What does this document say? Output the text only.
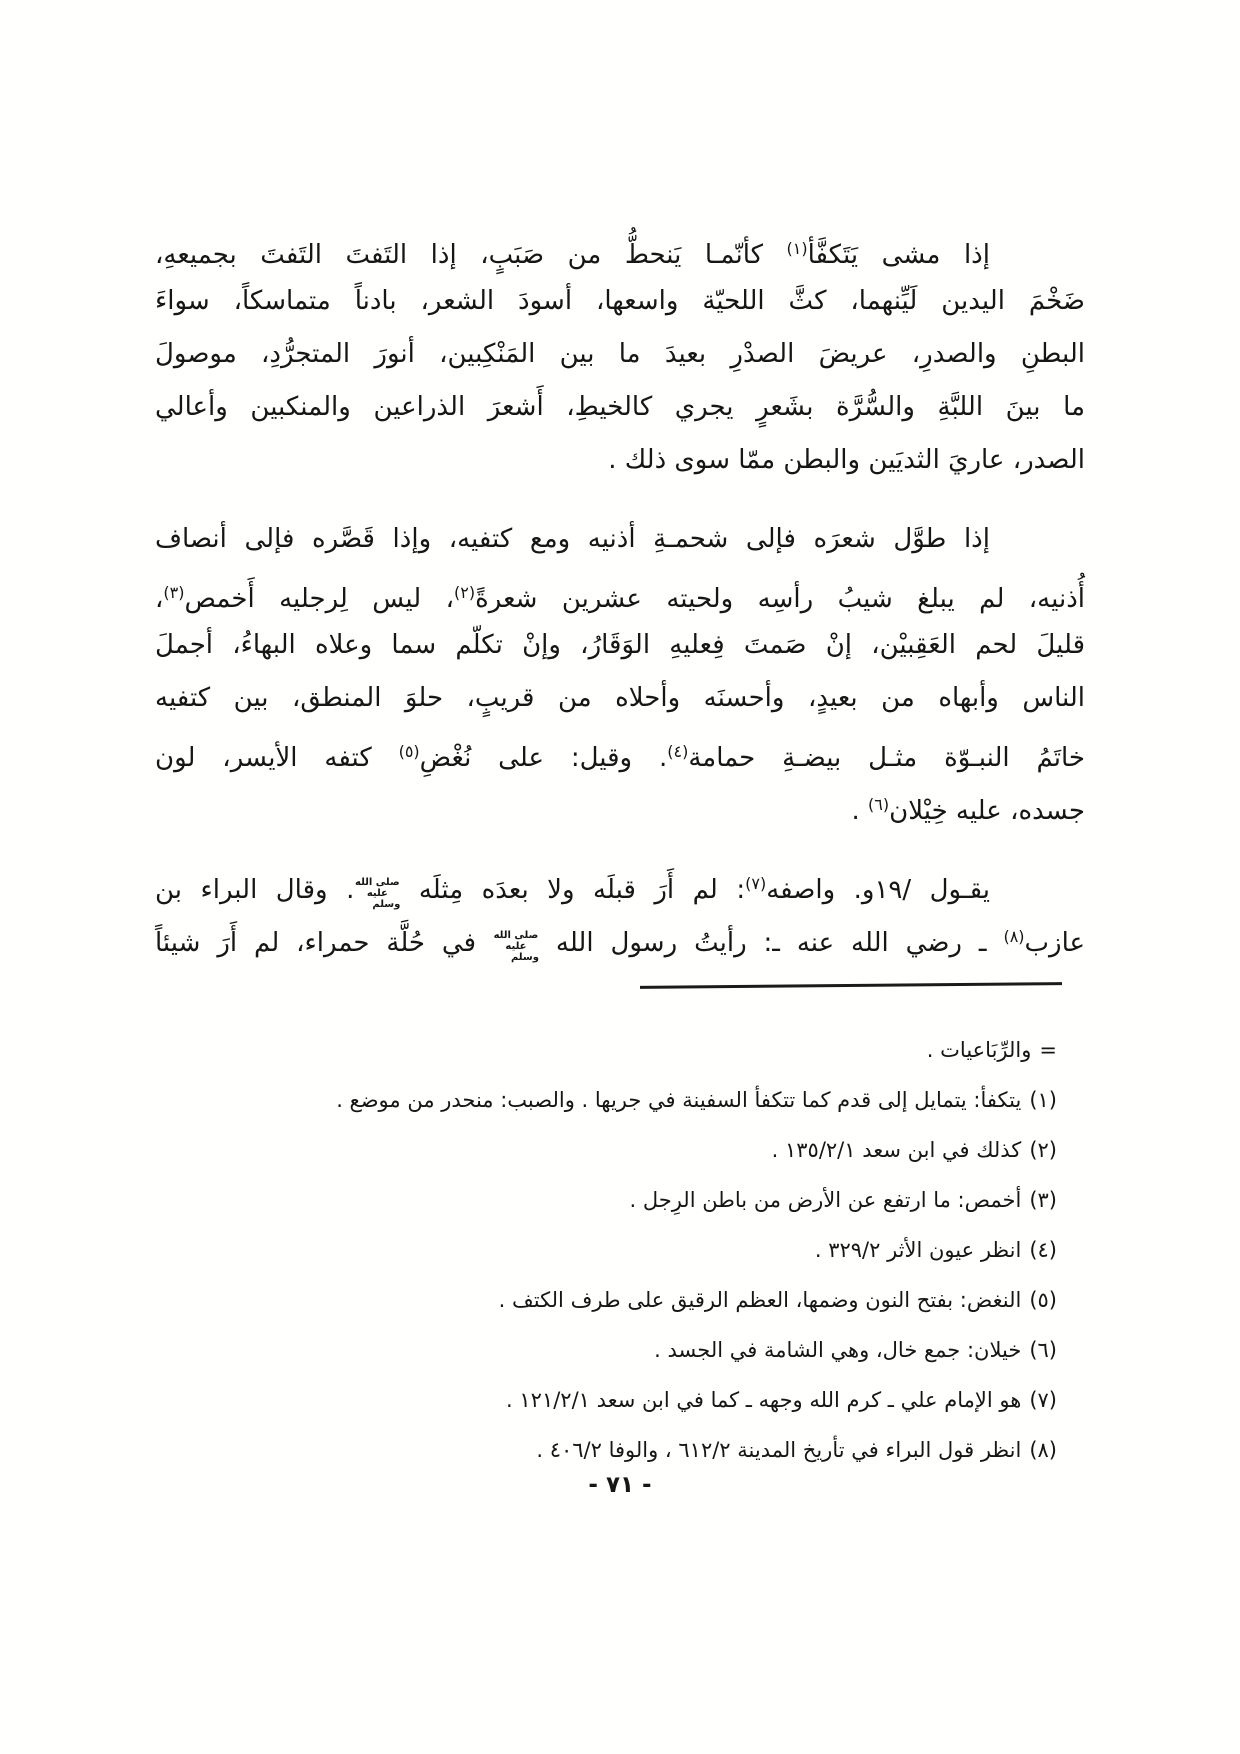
إذا مشى يَتَكفَّأ$^{(١)}$ كأنّمـا يَنحطُّ من صَبَبٍ، إذا التَفتَ التَفتَ بجميعهِ،
ضَخْمَ اليدين لَيِّنهما، كثَّ اللحيّة واسعها، أسودَ الشعر، بادناً متماسكاً، سواءَ
البطنِ والصدرِ، عريضَ الصدْرِ بعيدَ ما بين المَنْكِبين، أنورَ المتجرُّدِ، موصولَ
ما بينَ اللبَّةِ والسُّرَّة بشَعرٍ يجري كالخيطِ، أَشعرَ الذراعين والمنكبين وأعالي
الصدر، عاريَ الثديَين والبطن ممّا سوى ذلك .
إذا طوَّل شعرَه فإلى شحمـةِ أذنيه ومع كتفيه، وإذا قَصَّره فإلى أنصاف
أُذنيه، لم يبلغ شيبُ رأسِه ولحيته عشرين شعرةً$^{(٢)}$، ليس لِرجليه أَخمص$^{(٣)}$،
قليلَ لحم العَقِبيْن، إنْ صَمتَ فِعليهِ الوَقَارُ، وإنْ تكلّم سما وعلاه البهاءُ، أجملَ
الناس وأبهاه من بعيدٍ، وأحسنَه وأحلاه من قريبٍ، حلوَ المنطق، بين كتفيه
خاتَمُ النبـوّة مثـل بيضـةِ حمامة$^{(٤)}$. وقيل: على نُغْضِ$^{(٥)}$ كتفه الأيسر، لون
جسده، عليه خِيْلان$^{(٦)}$ .
يقـول /١٩و. واصفه$^{(٧)}$: لم أَرَ قبلَه ولا بعدَه مِثلَه صلى الله عليه وسلم. وقال البراء بن
عازب$^{(٨)}$ ـ رضي الله عنه ـ: رأيتُ رسول الله صلى الله عليه وسلم في حُلَّة حمراء، لم أَرَ شيئاً
=والرِّبَاعيات .
(١)يتكفأ: يتمايل إلى قدم كما تتكفأ السفينة في جريها . والصبب: منحدر من موضع .
(٢)كذلك في ابن سعد ١٣٥/٢/١ .
(٣)أخمص: ما ارتفع عن الأرض من باطن الرِجل .
(٤)انظر عيون الأثر ٣٢٩/٢ .
(٥)النغض: بفتح النون وضمها، العظم الرقيق على طرف الكتف .
(٦)خيلان: جمع خال، وهي الشامة في الجسد .
(٧)هو الإمام علي ـ كرم الله وجهه ـ كما في ابن سعد ١٢١/٢/١ .
(٨)انظر قول البراء في تأريخ المدينة ٦١٢/٢ ، والوفا ٤٠٦/٢ .
- ٧١ -
